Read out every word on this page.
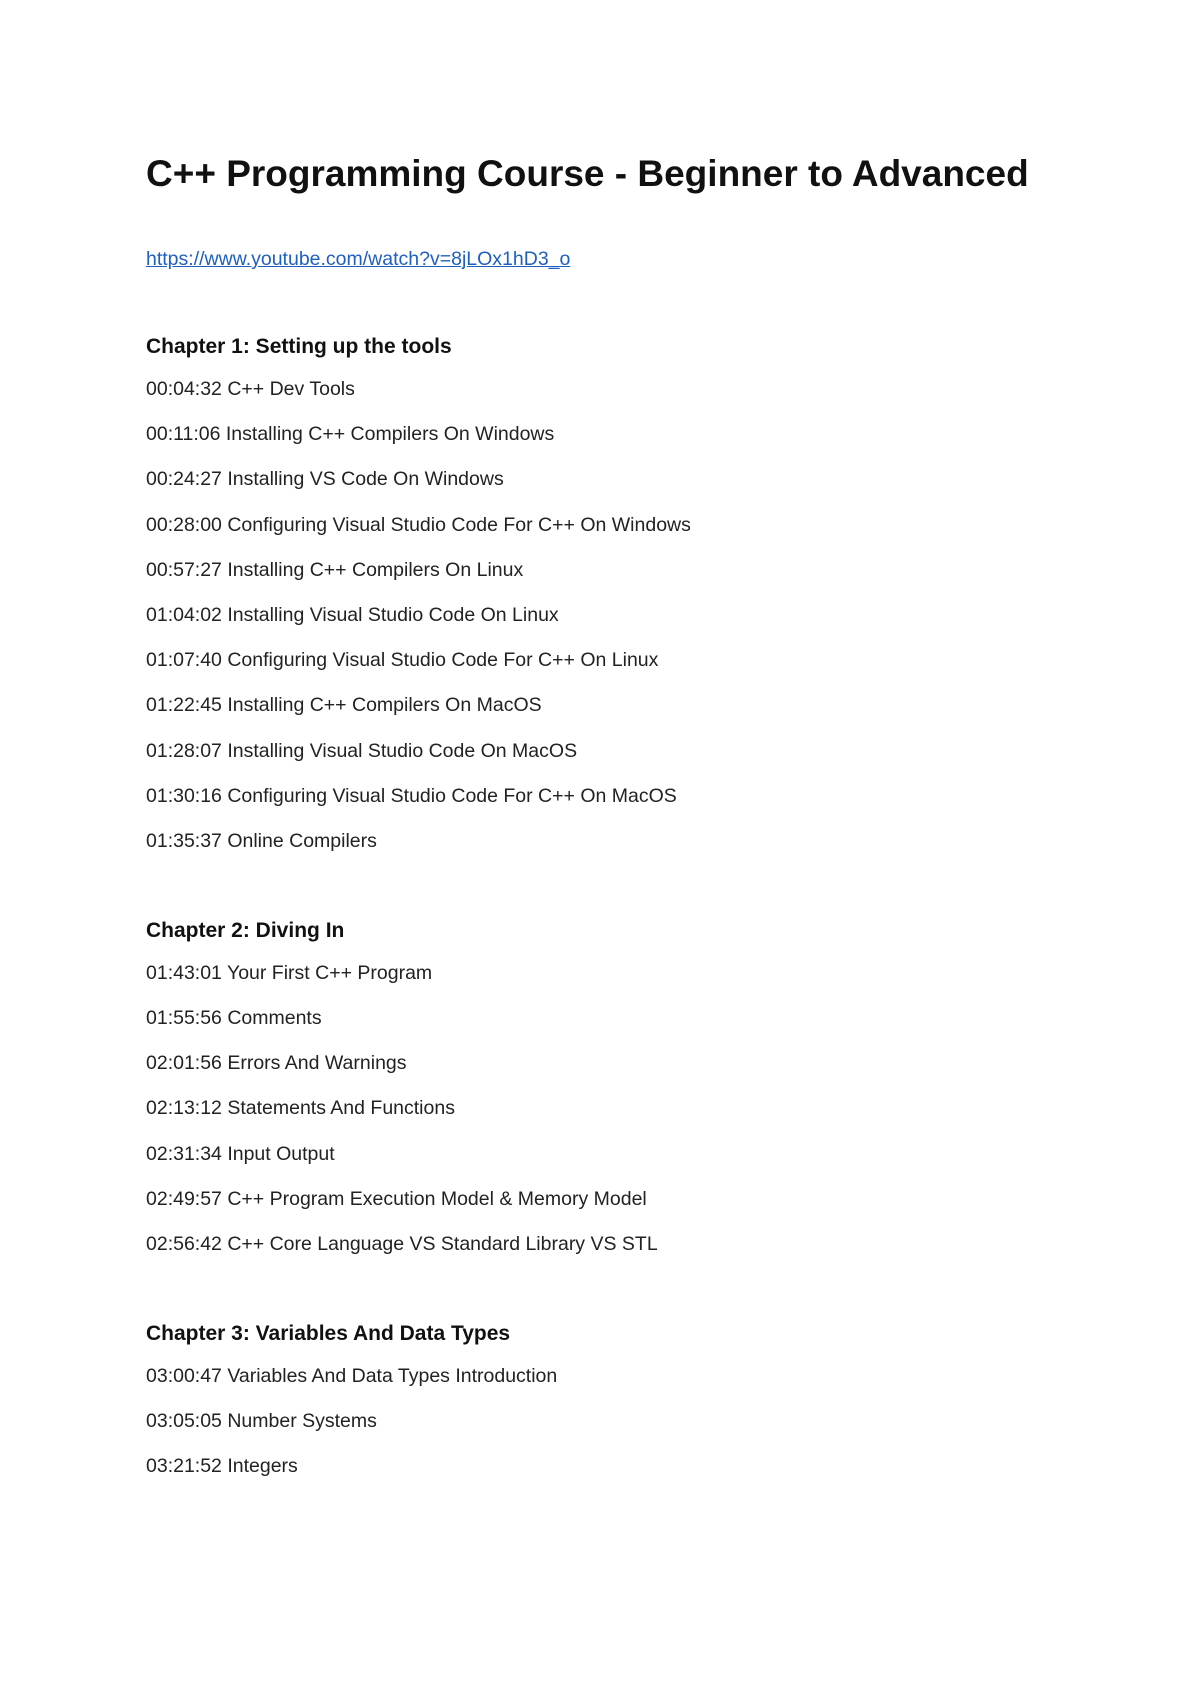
C++ Programming Course - Beginner to Advanced
https://www.youtube.com/watch?v=8jLOx1hD3_o
Chapter 1: Setting up the tools
00:04:32 C++ Dev Tools
00:11:06 Installing C++ Compilers On Windows
00:24:27 Installing VS Code On Windows
00:28:00 Configuring Visual Studio Code For C++ On Windows
00:57:27 Installing C++ Compilers On Linux
01:04:02 Installing Visual Studio Code On Linux
01:07:40 Configuring Visual Studio Code For C++ On Linux
01:22:45 Installing C++ Compilers On MacOS
01:28:07 Installing Visual Studio Code On MacOS
01:30:16 Configuring Visual Studio Code For C++ On MacOS
01:35:37 Online Compilers
Chapter 2: Diving In
01:43:01 Your First C++ Program
01:55:56 Comments
02:01:56 Errors And Warnings
02:13:12 Statements And Functions
02:31:34 Input Output
02:49:57 C++ Program Execution Model & Memory Model
02:56:42 C++ Core Language VS Standard Library VS STL
Chapter 3: Variables And Data Types
03:00:47 Variables And Data Types Introduction
03:05:05 Number Systems
03:21:52 Integers
